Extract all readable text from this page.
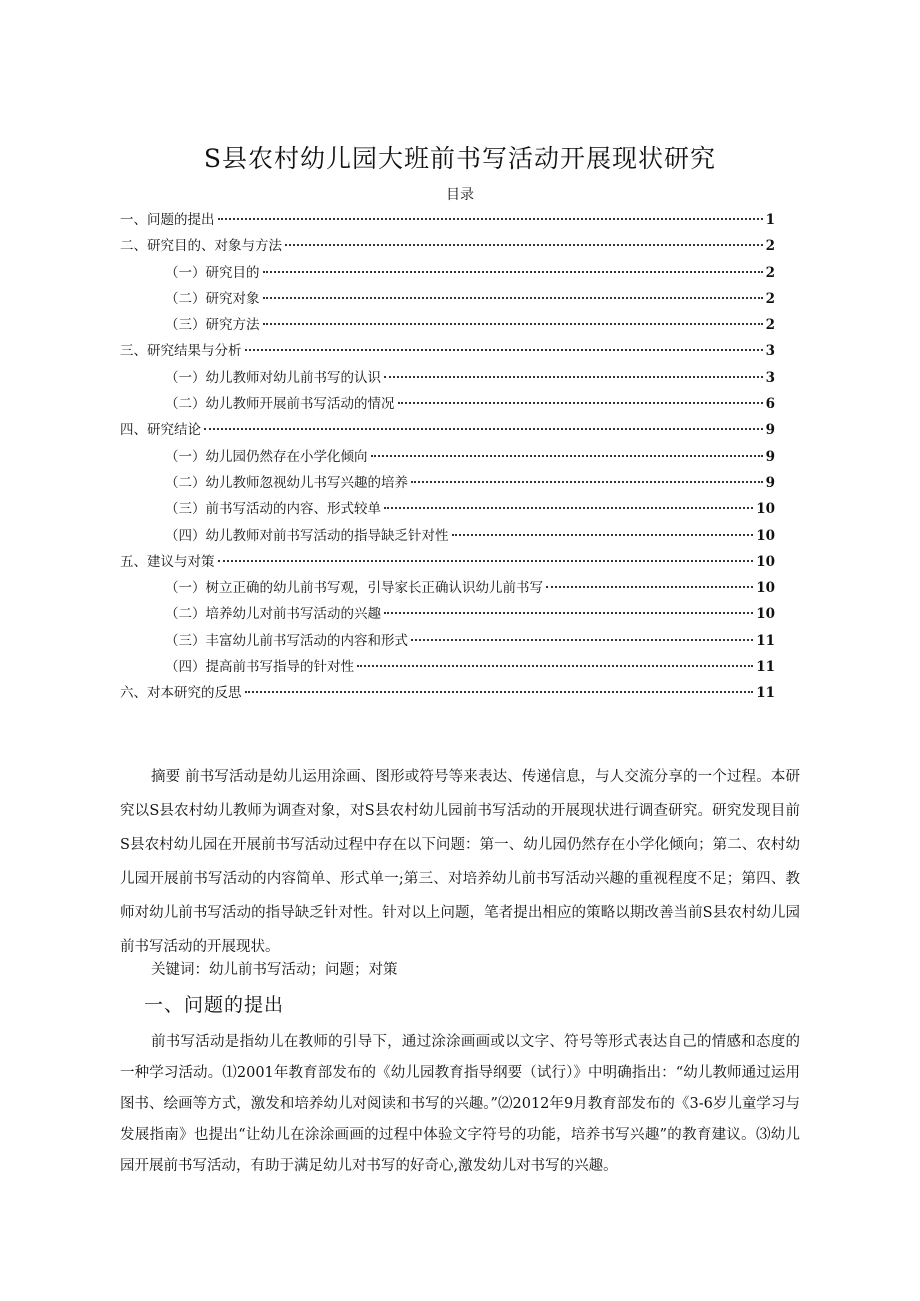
S县农村幼儿园大班前书写活动开展现状研究
目录
一、问题的提出	1
二、研究目的、对象与方法	2
（一）研究目的	2
（二）研究对象	2
（三）研究方法	2
三、研究结果与分析	3
（一）幼儿教师对幼儿前书写的认识	3
（二）幼儿教师开展前书写活动的情况	6
四、研究结论	9
（一）幼儿园仍然存在小学化倾向	9
（二）幼儿教师忽视幼儿书写兴趣的培养	9
（三）前书写活动的内容、形式较单	10
（四）幼儿教师对前书写活动的指导缺乏针对性	10
五、建议与对策	10
（一）树立正确的幼儿前书写观，引导家长正确认识幼儿前书写	10
（二）培养幼儿对前书写活动的兴趣	10
（三）丰富幼儿前书写活动的内容和形式	11
（四）提高前书写指导的针对性	11
六、对本研究的反思	11
摘要 前书写活动是幼儿运用涂画、图形或符号等来表达、传递信息，与人交流分享的一个过程。本研究以S县农村幼儿教师为调查对象，对S县农村幼儿园前书写活动的开展现状进行调查研究。研究发现目前S县农村幼儿园在开展前书写活动过程中存在以下问题：第一、幼儿园仍然存在小学化倾向；第二、农村幼儿园开展前书写活动的内容简单、形式单一;第三、对培养幼儿前书写活动兴趣的重视程度不足；第四、教师对幼儿前书写活动的指导缺乏针对性。针对以上问题，笔者提出相应的策略以期改善当前S县农村幼儿园前书写活动的开展现状。
关键词：幼儿前书写活动；问题；对策
一、问题的提出
前书写活动是指幼儿在教师的引导下，通过涂涂画画或以文字、符号等形式表达自己的情感和态度的一种学习活动。⑴2001年教育部发布的《幼儿园教育指导纲要（试行）》中明确指出：“幼儿教师通过运用图书、绘画等方式，激发和培养幼儿对阅读和书写的兴趣。”⑵2012年9月教育部发布的《3-6岁儿童学习与发展指南》也提出“让幼儿在涂涂画画的过程中体验文字符号的功能，培养书写兴趣”的教育建议。⑶幼儿园开展前书写活动，有助于满足幼儿对书写的好奇心,激发幼儿对书写的兴趣。
